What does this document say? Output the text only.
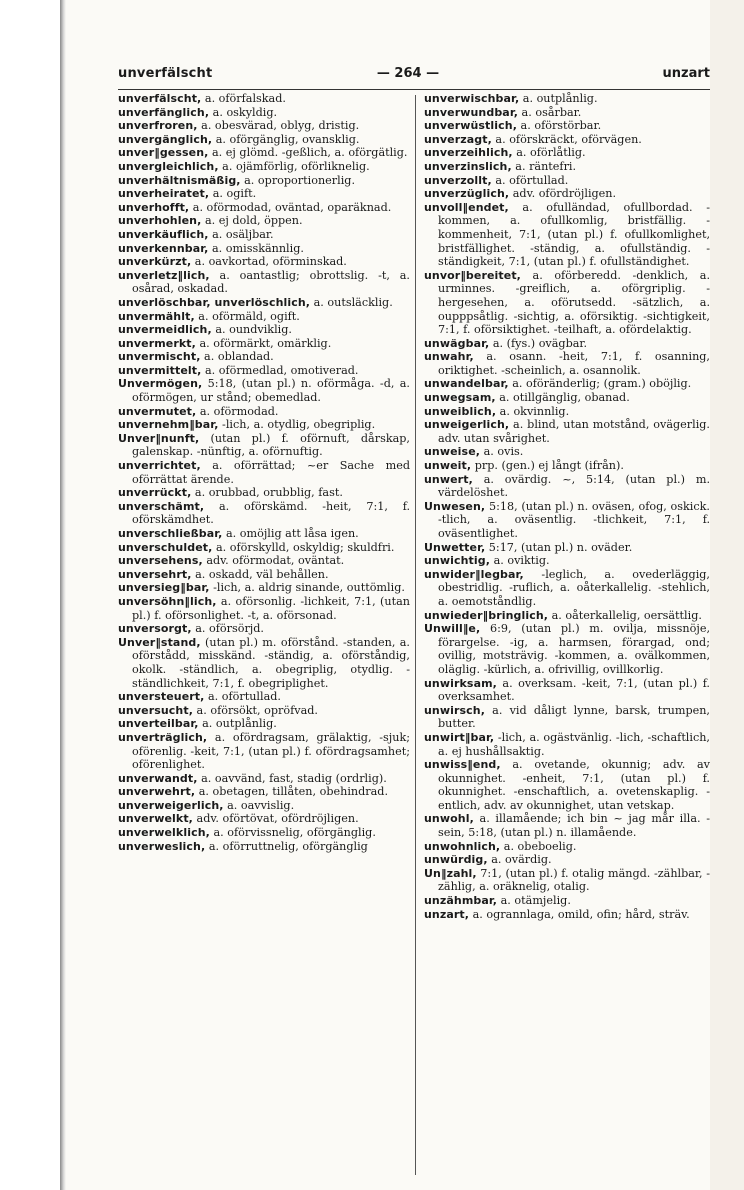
unverfälscht	— 264 —	unzart

unverfälscht, a. oförfalskad.

unverfänglich, a. oskyldig.

unverfroren, a. obesvärad, oblyg, dristig.

unvergänglich, a. oförgänglig, ovansklig.

unver‖gessen, a. ej glömd. -geßlich, a. oförgätlig.

unvergleichlich, a. ojämförlig, oförliknelig.

unverhältnismäßig, a. oproportionerlig.

unverheiratet, a. ogift.

unverhofft, a. oförmodad, oväntad, oparäknad.

unverhohlen, a. ej dold, öppen.

unverkäuflich, a. osäljbar.

unverkennbar, a. omisskännlig.

unverkürzt, a. oavkortad, oförminskad.

unverletz‖lich, a. oantastlig; obrottslig. -t, a. osårad, oskadad.

unverlöschbar, unverlöschlich, a. outsläcklig.

unvermählt, a. oförmäld, ogift.

unvermeidlich, a. oundviklig.

unvermerkt, a. oförmärkt, omärklig.

unvermischt, a. oblandad.

unvermittelt, a. oförmedlad, omotiverad.

Unvermögen, 5:18, (utan pl.) n. oförmåga. -d, a. oförmögen, ur stånd; obemedlad.

unvermutet, a. oförmodad.

unvernehm‖bar, -lich, a. otydlig, obegriplig.

Unver‖nunft, (utan pl.) f. oförnuft, dårskap, galenskap. -nünftig, a. oförnuftig.

unverrichtet, a. oförrättad; ~er Sache med oförrättat ärende.

unverrückt, a. orubbad, orubblig, fast.

unverschämt, a. oförskämd. -heit, 7:1, f. oförskämdhet.

unverschließbar, a. omöjlig att låsa igen.

unverschuldet, a. oförskylld, oskyldig; skuldfri.

unversehens, adv. oförmodat, oväntat.

unversehrt, a. oskadd, väl behållen.

unversieg‖bar, -lich, a. aldrig sinande, outtömlig.

unversöhn‖lich, a. oförsonlig. -lichkeit, 7:1, (utan pl.) f. oförsonlighet. -t, a. oförsonad.

unversorgt, a. oförsörjd.

Unver‖stand, (utan pl.) m. oförstånd. -standen, a. oförstådd, misskänd. -ständig, a. oförståndig, okolk. -ständlich, a. obegriplig, otydlig. -ständlichkeit, 7:1, f. obegriplighet.

unversteuert, a. oförtullad.

unversucht, a. oförsökt, opröfvad.

unverteilbar, a. outplånlig.

unverträglich, a. ofördragsam, grälaktig, -sjuk; oförenlig. -keit, 7:1, (utan pl.) f. ofördragsamhet; oförenlighet.

unverwandt, a. oavvänd, fast, stadig (ordrlig).

unverwehrt, a. obetagen, tillåten, obehindrad.

unverweigerlich, a. oavvislig.

unverwelkt, adv. oförtövat, ofördröjligen.

unverwelklich, a. oförvissnelig, oförgänglig.

unverweslich, a. oförruttnelig, oförgänglig

unverwischbar, a. outplånlig.

unverwundbar, a. osårbar.

unverwüstlich, a. oförstörbar.

unverzagt, a. oförskräckt, oförvägen.

unverzeihlich, a. oförlåtlig.

unverzinslich, a. räntefri.

unverzollt, a. oförtullad.

unverzüglich, adv. ofördröjligen.

unvoll‖endet, a. ofulländad, ofullbordad. -kommen, a. ofullkomlig, bristfällig. -kommenheit, 7:1, (utan pl.) f. ofullkomlighet, bristfällighet. -ständig, a. ofullständig. -ständigkeit, 7:1, (utan pl.) f. ofullständighet.

unvor‖bereitet, a. oförberedd. -denklich, a. urminnes. -greiflich, a. oförgriplig. -hergesehen, a. oförutsedd. -sätzlich, a. oupppsåtlig. -sichtig, a. oförsiktig. -sichtigkeit, 7:1, f. oförsiktighet. -teilhaft, a. ofördelaktig.

unwägbar, a. (fys.) ovägbar.

unwahr, a. osann. -heit, 7:1, f. osanning, oriktighet. -scheinlich, a. osannolik.

unwandelbar, a. oföränderlig; (gram.) oböjlig.

unwegsam, a. otillgänglig, obanad.

unweiblich, a. okvinnlig.

unweigerlich, a. blind, utan motstånd, ovägerlig. adv. utan svårighet.

unweise, a. ovis.

unweit, prp. (gen.) ej långt (ifrån).

unwert, a. ovärdig. ~, 5:14, (utan pl.) m. värdelöshet.

Unwesen, 5:18, (utan pl.) n. oväsen, ofog, oskick. -tlich, a. oväsentlig. -tlichkeit, 7:1, f. oväsentlighet.

Unwetter, 5:17, (utan pl.) n. oväder.

unwichtig, a. oviktig.

unwider‖legbar, -leglich, a. ovederläggig, obestridlig. -ruflich, a. oåterkallelig. -stehlich, a. oemotståndlig.

unwieder‖bringlich, a. oåterkallelig, oersättlig.

Unwill‖e, 6:9, (utan pl.) m. ovilja, missnöje, förargelse. -ig, a. harmsen, förargad, ond; ovillig, motsträvig. -kommen, a. ovälkommen, oläglig. -kürlich, a. ofrivillig, ovillkorlig.

unwirksam, a. overksam. -keit, 7:1, (utan pl.) f. overksamhet.

unwirsch, a. vid dåligt lynne, barsk, trumpen, butter.

unwirt‖bar, -lich, a. ogästvänlig. -lich, -schaftlich, a. ej hushållsaktig.

unwiss‖end, a. ovetande, okunnig; adv. av okunnighet. -enheit, 7:1, (utan pl.) f. okunnighet. -enschaftlich, a. ovetenskaplig. -entlich, adv. av okunnighet, utan vetskap.

unwohl, a. illamående; ich bin ~ jag mår illa. -sein, 5:18, (utan pl.) n. illamående.

unwohnlich, a. obeboelig.

unwürdig, a. ovärdig.

Un‖zahl, 7:1, (utan pl.) f. otalig mängd. -zählbar, -zählig, a. oräknelig, otalig.

unzähmbar, a. otämjelig.

unzart, a. ogrannlaga, omild, ofin; hård, sträv.
